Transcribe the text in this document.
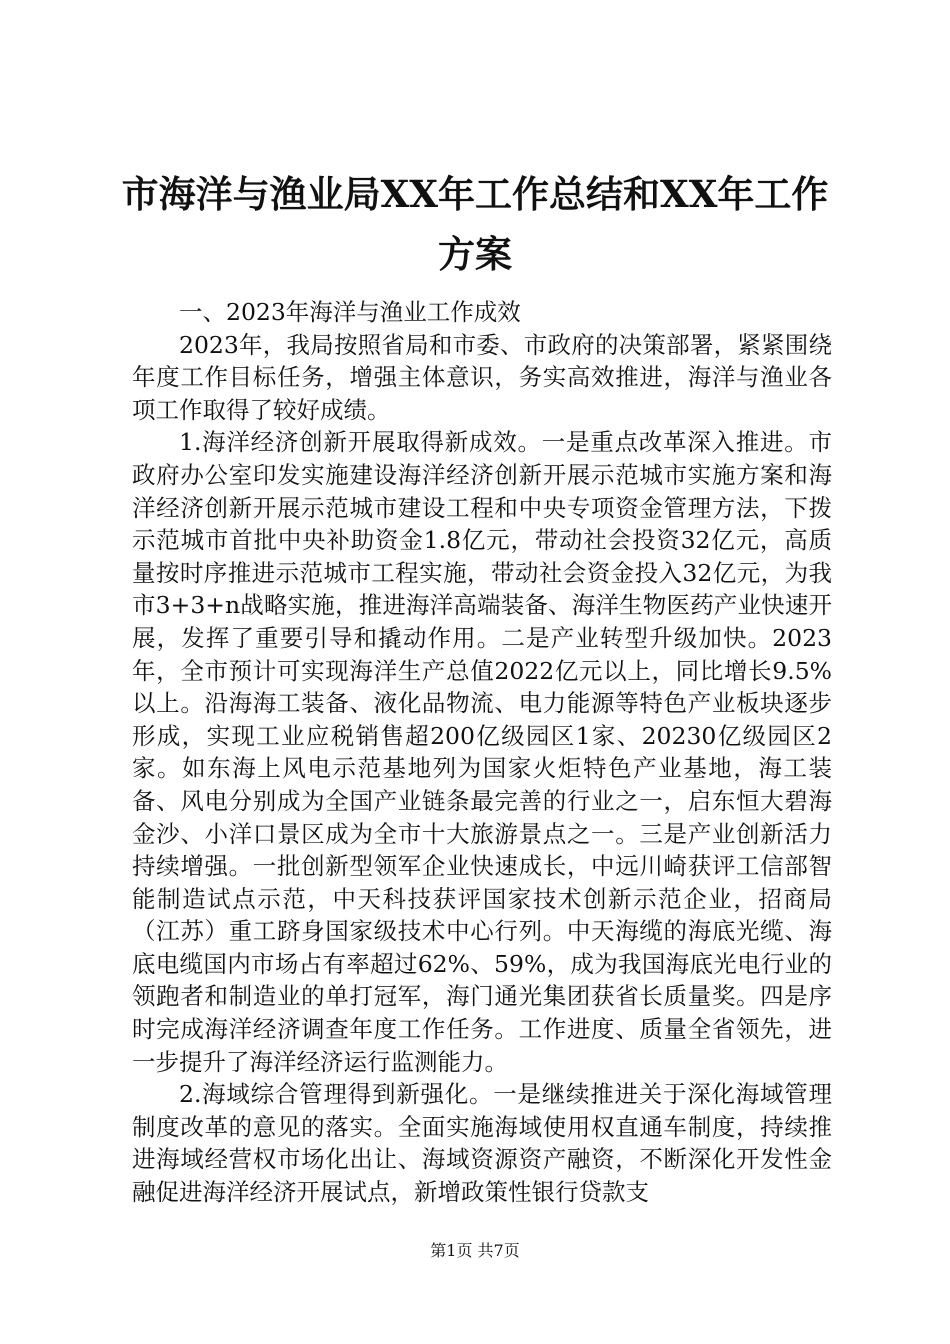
市海洋与渔业局XX年工作总结和XX年工作方案

一、2023年海洋与渔业工作成效

2023年，我局按照省局和市委、市政府的决策部署，紧紧围绕年度工作目标任务，增强主体意识，务实高效推进，海洋与渔业各项工作取得了较好成绩。

1.海洋经济创新开展取得新成效。一是重点改革深入推进。市政府办公室印发实施建设海洋经济创新开展示范城市实施方案和海洋经济创新开展示范城市建设工程和中央专项资金管理方法，下拨示范城市首批中央补助资金1.8亿元，带动社会投资32亿元，高质量按时序推进示范城市工程实施，带动社会资金投入32亿元，为我市3+3+n战略实施，推进海洋高端装备、海洋生物医药产业快速开展，发挥了重要引导和撬动作用。二是产业转型升级加快。2023年，全市预计可实现海洋生产总值2022亿元以上，同比增长9.5%以上。沿海海工装备、液化品物流、电力能源等特色产业板块逐步形成，实现工业应税销售超200亿级园区1家、20230亿级园区2家。如东海上风电示范基地列为国家火炬特色产业基地，海工装备、风电分别成为全国产业链条最完善的行业之一，启东恒大碧海金沙、小洋口景区成为全市十大旅游景点之一。三是产业创新活力持续增强。一批创新型领军企业快速成长，中远川崎获评工信部智能制造试点示范，中天科技获评国家技术创新示范企业，招商局（江苏）重工跻身国家级技术中心行列。中天海缆的海底光缆、海底电缆国内市场占有率超过62%、59%，成为我国海底光电行业的领跑者和制造业的单打冠军，海门通光集团获省长质量奖。四是序时完成海洋经济调查年度工作任务。工作进度、质量全省领先，进一步提升了海洋经济运行监测能力。

2.海域综合管理得到新强化。一是继续推进关于深化海域管理制度改革的意见的落实。全面实施海域使用权直通车制度，持续推进海域经营权市场化出让、海域资源资产融资，不断深化开发性金融促进海洋经济开展试点，新增政策性银行贷款支

第1页 共7页
